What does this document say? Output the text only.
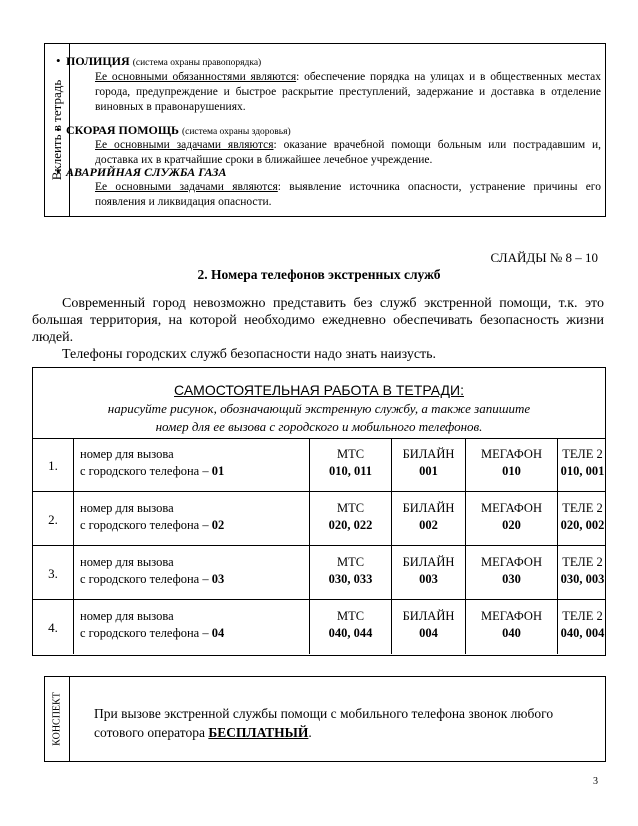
Вклеить в тетрадь
• ПОЛИЦИЯ (система охраны правопорядка)
Ее основными обязанностями являются: обеспечение порядка на улицах и в общественных местах города, предупреждение и быстрое раскрытие преступлений, задержание и доставка в отделение виновных в правонарушениях.
• СКОРАЯ ПОМОЩЬ (система охраны здоровья)
Ее основными задачами являются: оказание врачебной помощи больным или пострадавшим и, доставка их в кратчайшие сроки в ближайшее лечебное учреждение.
• АВАРИЙНАЯ СЛУЖБА ГАЗА
Ее основными задачами являются: выявление источника опасности, устранение причины его появления и ликвидация опасности.
СЛАЙДЫ № 8 – 10
2. Номера телефонов экстренных служб
Современный город невозможно представить без служб экстренной помощи, т.к. это большая территория, на которой необходимо ежедневно обеспечивать безопасность жизни людей.
Телефоны городских служб безопасности надо знать наизусть.
САМОСТОЯТЕЛЬНАЯ РАБОТА В ТЕТРАДИ:
нарисуйте рисунок, обозначающий экстренную службу, а также запишите
номер для ее вызова с городского и мобильного телефонов.
1.
номер для вызова
с городского телефона – 01
МТС
010, 011
БИЛАЙН
001
МЕГАФОН
010
ТЕЛЕ 2
010, 001
2.
номер для вызова
с городского телефона – 02
МТС
020, 022
БИЛАЙН
002
МЕГАФОН
020
ТЕЛЕ 2
020, 002
3.
номер для вызова
с городского телефона – 03
МТС
030, 033
БИЛАЙН
003
МЕГАФОН
030
ТЕЛЕ 2
030, 003
4.
номер для вызова
с городского телефона – 04
МТС
040, 044
БИЛАЙН
004
МЕГАФОН
040
ТЕЛЕ 2
040, 004
КОНСПЕКТ При вызове экстренной службы помощи с мобильного телефона звонок любого сотового оператора БЕСПЛАТНЫЙ.
3
